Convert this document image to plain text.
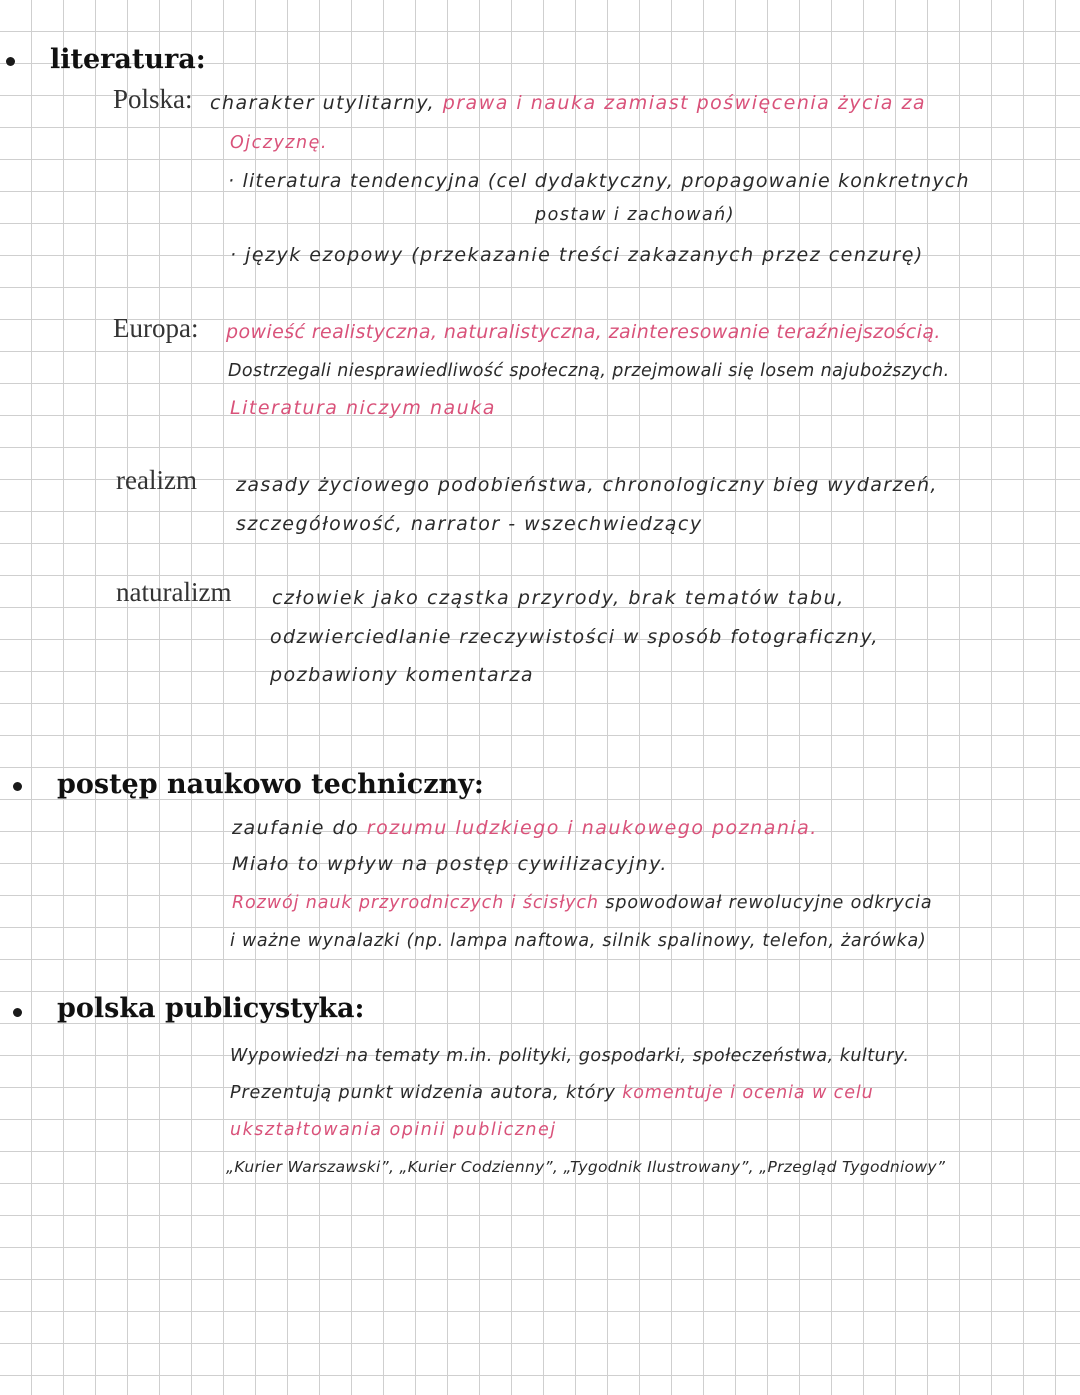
literatura:
Polska: charakter utylitarny, prawa i nauka zamiast poświęcenia życia za
Ojczyznę.
· literatura tendencyjna (cel dydaktyczny, propagowanie konkretnych
postaw i zachowań)
· język ezopowy (przekazanie treści zakazanych przez cenzurę)
Europa: powieść realistyczna, naturalistyczna, zainteresowanie teraźniejszością.
Dostrzegali niesprawiedliwość społeczną, przejmowali się losem najuboższych.
Literatura niczym nauka
realizm zasady życiowego podobieństwa, chronologiczny bieg wydarzeń,
szczegółowość, narrator - wszechwiedzący
naturalizm człowiek jako cząstka przyrody, brak tematów tabu,
odzwierciedlanie rzeczywistości w sposób fotograficzny,
pozbawiony komentarza
postęp naukowo techniczny:
zaufanie do rozumu ludzkiego i naukowego poznania.
Miało to wpływ na postęp cywilizacyjny.
Rozwój nauk przyrodniczych i ścisłych spowodował rewolucyjne odkrycia
i ważne wynalazki (np. lampa naftowa, silnik spalinowy, telefon, żarówka)
polska publicystyka:
Wypowiedzi na tematy m.in. polityki, gospodarki, społeczeństwa, kultury.
Prezentują punkt widzenia autora, który komentuje i ocenia w celu
ukształtowania opinii publicznej
„Kurier Warszawski”, „Kurier Codzienny”, „Tygodnik Ilustrowany”, „Przegląd Tygodniowy”
